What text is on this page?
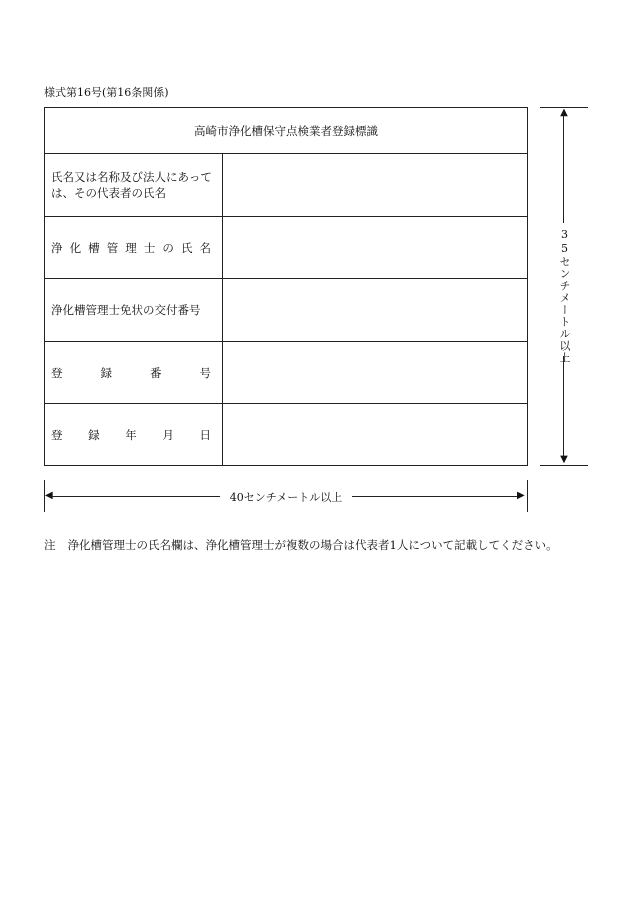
様式第16号(第16条関係)
高崎市浄化槽保守点検業者登録標識
氏名又は名称及び法人にあっては、その代表者の氏名
浄 化 槽 管 理 士 の 氏 名
浄化槽管理士免状の交付番号
登	録	番	号
登 録 年 月 日
▲
35センチメートル以上
▼
◀	40センチメートル以上	▶
注 浄化槽管理士の氏名欄は、浄化槽管理士が複数の場合は代表者1人について記載してください。
